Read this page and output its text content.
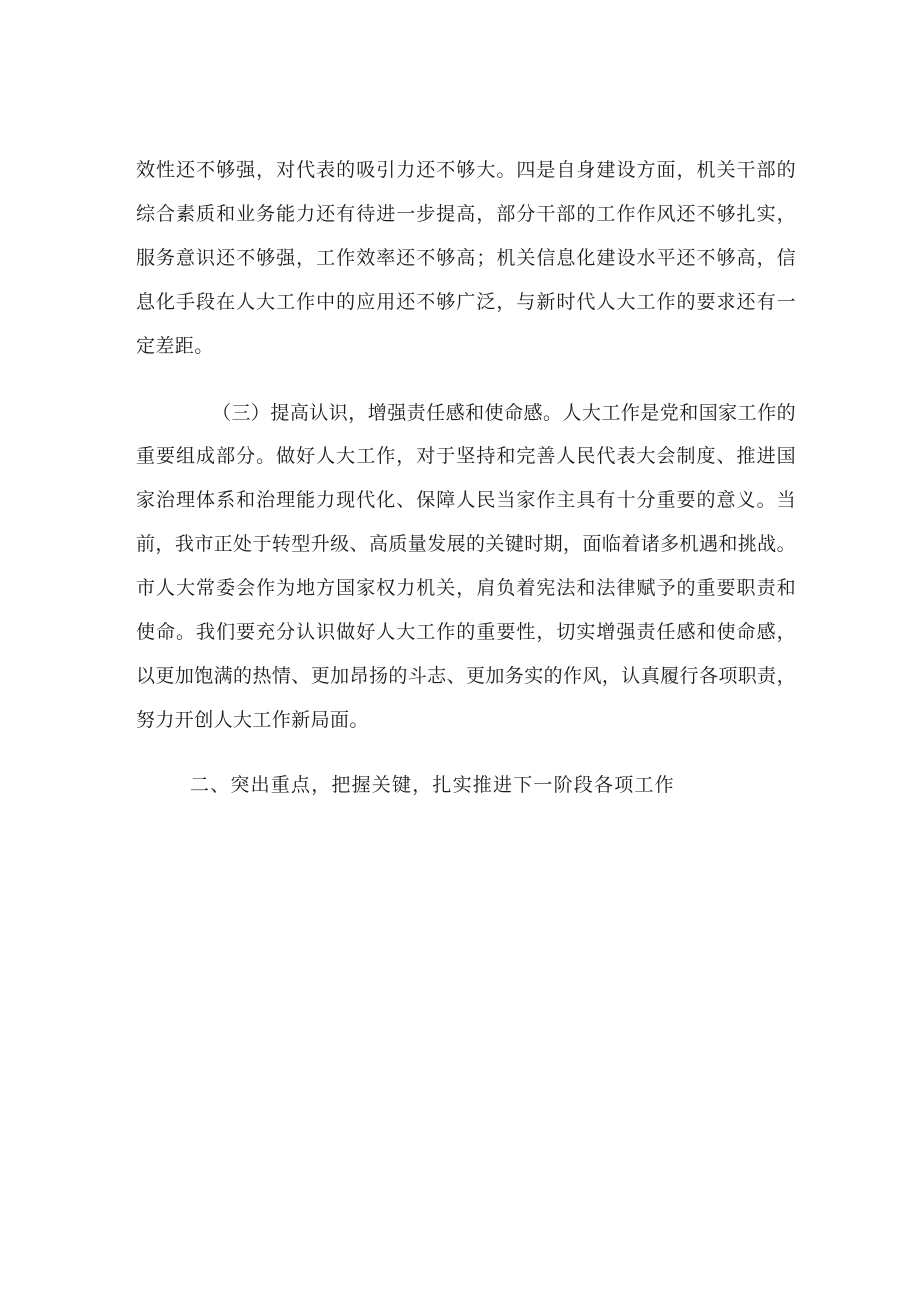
效性还不够强，对代表的吸引力还不够大。四是自身建设方面，机关干部的
综合素质和业务能力还有待进一步提高，部分干部的工作作风还不够扎实，
服务意识还不够强，工作效率还不够高；机关信息化建设水平还不够高，信
息化手段在人大工作中的应用还不够广泛，与新时代人大工作的要求还有一
定差距。
（三）提高认识，增强责任感和使命感。人大工作是党和国家工作的
重要组成部分。做好人大工作，对于坚持和完善人民代表大会制度、推进国
家治理体系和治理能力现代化、保障人民当家作主具有十分重要的意义。当
前，我市正处于转型升级、高质量发展的关键时期，面临着诸多机遇和挑战。
市人大常委会作为地方国家权力机关，肩负着宪法和法律赋予的重要职责和
使命。我们要充分认识做好人大工作的重要性，切实增强责任感和使命感，
以更加饱满的热情、更加昂扬的斗志、更加务实的作风，认真履行各项职责，
努力开创人大工作新局面。
二、突出重点，把握关键，扎实推进下一阶段各项工作
